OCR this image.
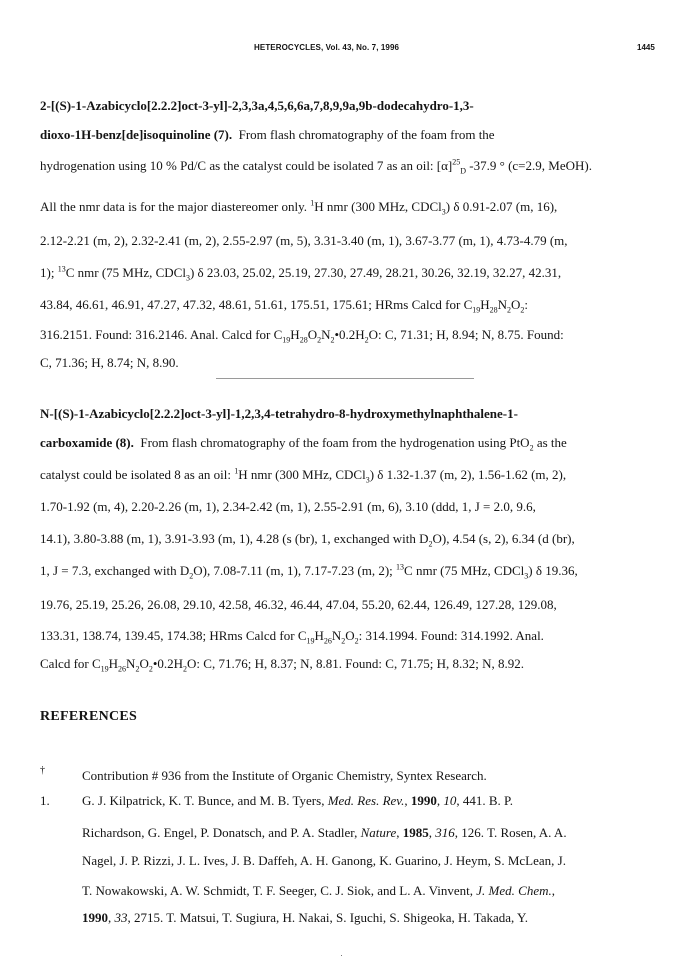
HETEROCYCLES, Vol. 43, No. 7, 1996	1445
2-[(S)-1-Azabicyclo[2.2.2]oct-3-yl]-2,3,3a,4,5,6,6a,7,8,9,9a,9b-dodecahydro-1,3-
dioxo-1H-benz[de]isoquinoline (7). From flash chromatography of the foam from the
hydrogenation using 10 % Pd/C as the catalyst could be isolated 7 as an oil: $[\alpha]^{25}_D$ -37.9 ° (c=2.9, MeOH).
All the nmr data is for the major diastereomer only. $^1$H nmr (300 MHz, CDCl$_3$) δ 0.91-2.07 (m, 16),
2.12-2.21 (m, 2), 2.32-2.41 (m, 2), 2.55-2.97 (m, 5), 3.31-3.40 (m, 1), 3.67-3.77 (m, 1), 4.73-4.79 (m,
1); $^{13}$C nmr (75 MHz, CDCl$_3$) δ 23.03, 25.02, 25.19, 27.30, 27.49, 28.21, 30.26, 32.19, 32.27, 42.31,
43.84, 46.61, 46.91, 47.27, 47.32, 48.61, 51.61, 175.51, 175.61; HRms Calcd for $C_{19}H_{28}N_2O_2$:
316.2151. Found: 316.2146. Anal. Calcd for $C_{19}H_{28}O_2N_2•0.2H_2O$: C, 71.31; H, 8.94; N, 8.75. Found:
C, 71.36; H, 8.74; N, 8.90.
N-[(S)-1-Azabicyclo[2.2.2]oct-3-yl]-1,2,3,4-tetrahydro-8-hydroxymethylnaphthalene-1-
carboxamide (8). From flash chromatography of the foam from the hydrogenation using PtO$_2$ as the
catalyst could be isolated 8 as an oil: $^1$H nmr (300 MHz, CDCl$_3$) δ 1.32-1.37 (m, 2), 1.56-1.62 (m, 2),
1.70-1.92 (m, 4), 2.20-2.26 (m, 1), 2.34-2.42 (m, 1), 2.55-2.91 (m, 6), 3.10 (ddd, 1, J = 2.0, 9.6,
14.1), 3.80-3.88 (m, 1), 3.91-3.93 (m, 1), 4.28 (s (br), 1, exchanged with $D_2O$), 4.54 (s, 2), 6.34 (d (br),
1, J = 7.3, exchanged with $D_2O$), 7.08-7.11 (m, 1), 7.17-7.23 (m, 2); $^{13}$C nmr (75 MHz, CDCl$_3$) δ 19.36,
19.76, 25.19, 25.26, 26.08, 29.10, 42.58, 46.32, 46.44, 47.04, 55.20, 62.44, 126.49, 127.28, 129.08,
133.31, 138.74, 139.45, 174.38; HRms Calcd for $C_{19}H_{26}N_2O_2$: 314.1994. Found: 314.1992. Anal.
Calcd for $C_{19}H_{26}N_2O_2•0.2H_2O$: C, 71.76; H, 8.37; N, 8.81. Found: C, 71.75; H, 8.32; N, 8.92.
REFERENCES
†	Contribution # 936 from the Institute of Organic Chemistry, Syntex Research.
1. G. J. Kilpatrick, K. T. Bunce, and M. B. Tyers, Med. Res. Rev., 1990, 10, 441. B. P.
Richardson, G. Engel, P. Donatsch, and P. A. Stadler, Nature, 1985, 316, 126. T. Rosen, A. A.
Nagel, J. P. Rizzi, J. L. Ives, J. B. Daffeh, A. H. Ganong, K. Guarino, J. Heym, S. McLean, J.
T. Nowakowski, A. W. Schmidt, T. F. Seeger, C. J. Siok, and L. A. Vinvent, J. Med. Chem.,
1990, 33, 2715. T. Matsui, T. Sugiura, H. Nakai, S. Iguchi, S. Shigeoka, H. Takada, Y.
